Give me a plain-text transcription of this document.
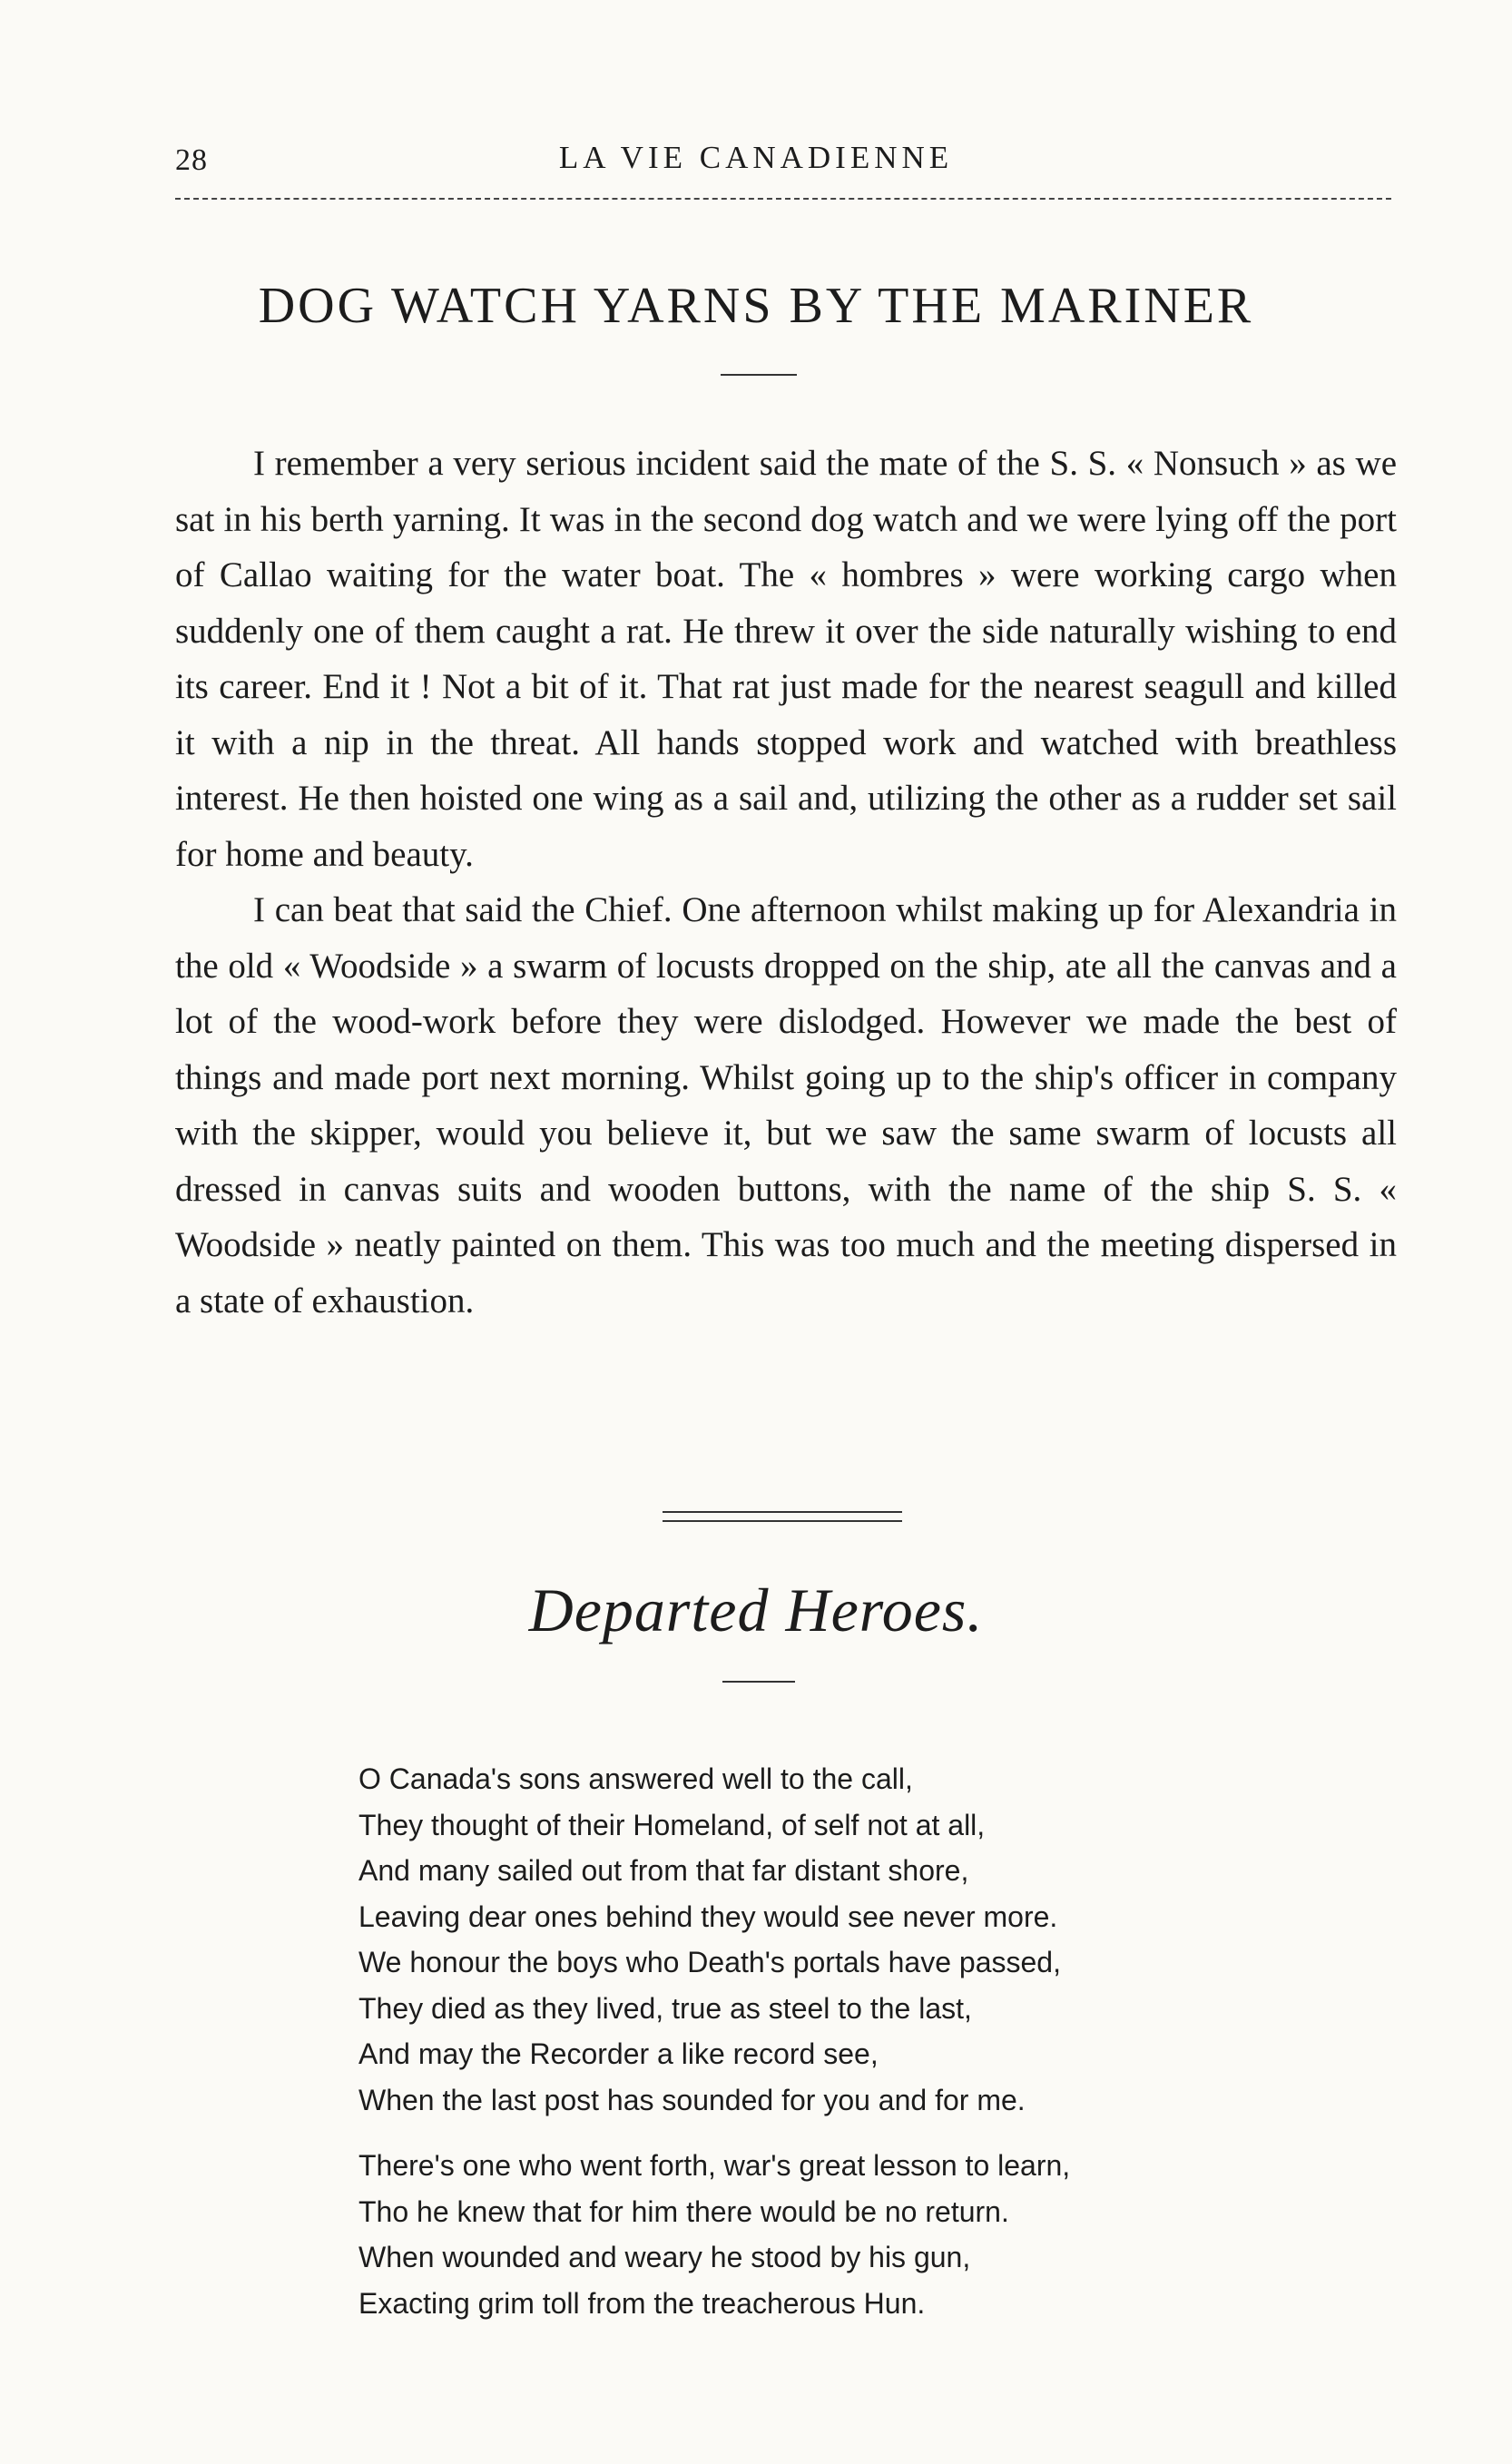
28	LA VIE CANADIENNE
DOG WATCH YARNS BY THE MARINER

I remember a very serious incident said the mate of the S. S. « Nonsuch » as we sat in his berth yarning. It was in the second dog watch and we were lying off the port of Callao waiting for the water boat. The « hombres » were working cargo when suddenly one of them caught a rat. He threw it over the side naturally wishing to end its career. End it ! Not a bit of it. That rat just made for the nearest seagull and killed it with a nip in the threat. All hands stopped work and watched with breathless interest. He then hoisted one wing as a sail and, utilizing the other as a rudder set sail for home and beauty.

I can beat that said the Chief. One afternoon whilst making up for Alexandria in the old « Woodside » a swarm of locusts dropped on the ship, ate all the canvas and a lot of the wood-work before they were dislodged. However we made the best of things and made port next morning. Whilst going up to the ship's officer in company with the skipper, would you believe it, but we saw the same swarm of locusts all dressed in canvas suits and wooden buttons, with the name of the ship S. S. « Woodside » neatly painted on them. This was too much and the meeting dispersed in a state of exhaustion.

Departed Heroes.
O Canada's sons answered well to the call,
They thought of their Homeland, of self not at all,
And many sailed out from that far distant shore,
Leaving dear ones behind they would see never more.
We honour the boys who Death's portals have passed,
They died as they lived, true as steel to the last,
And may the Recorder a like record see,
When the last post has sounded for you and for me.
There's one who went forth, war's great lesson to learn,
Tho he knew that for him there would be no return.
When wounded and weary he stood by his gun,
Exacting grim toll from the treacherous Hun.
